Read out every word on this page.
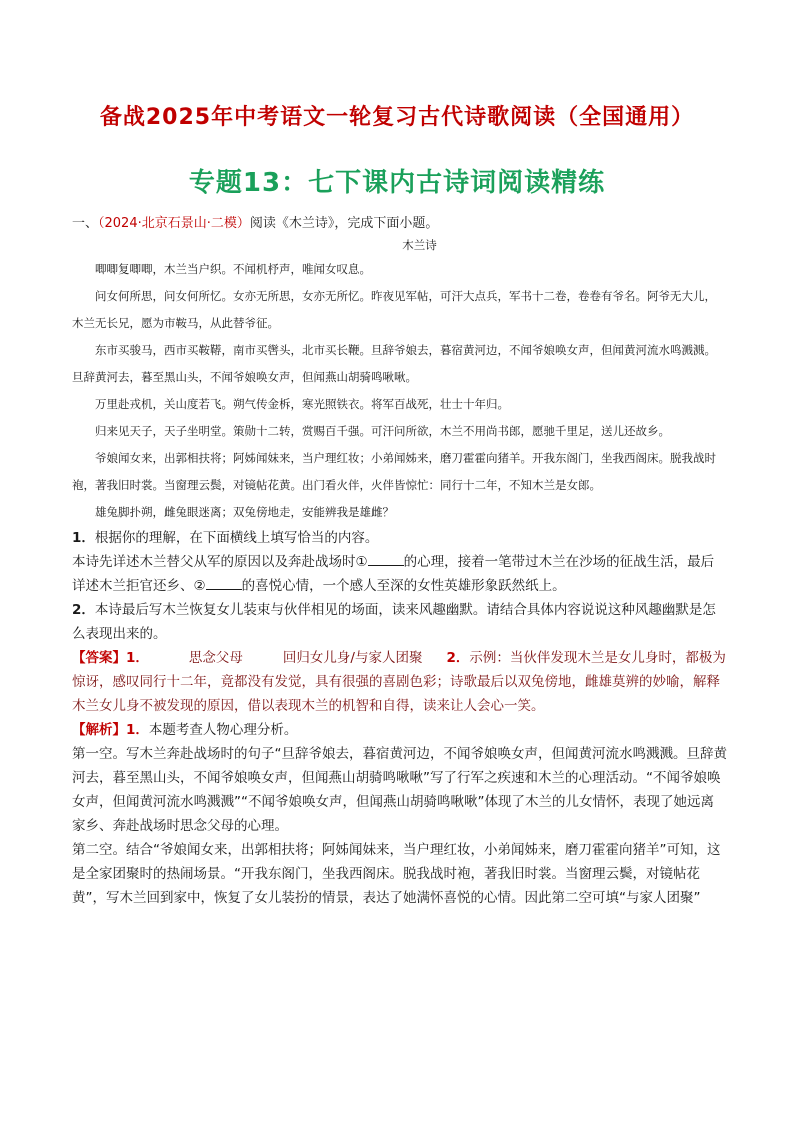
备战2025年中考语文一轮复习古代诗歌阅读（全国通用）
专题13：七下课内古诗词阅读精练
一、（2024·北京石景山·二模）阅读《木兰诗》，完成下面小题。
木兰诗

唧唧复唧唧，木兰当户织。不闻机杼声，唯闻女叹息。

问女何所思，问女何所忆。女亦无所思，女亦无所忆。昨夜见军帖，可汗大点兵，军书十二卷，卷卷有爷名。阿爷无大儿，木兰无长兄，愿为市鞍马，从此替爷征。

东市买骏马，西市买鞍鞯，南市买辔头，北市买长鞭。旦辞爷娘去，暮宿黄河边，不闻爷娘唤女声，但闻黄河流水鸣溅溅。旦辞黄河去，暮至黑山头，不闻爷娘唤女声，但闻燕山胡骑鸣啾啾。

万里赴戎机，关山度若飞。朔气传金柝，寒光照铁衣。将军百战死，壮士十年归。

归来见天子，天子坐明堂。策勋十二转，赏赐百千强。可汗问所欲，木兰不用尚书郎，愿驰千里足，送儿还故乡。

爷娘闻女来，出郭相扶将；阿姊闻妹来，当户理红妆；小弟闻姊来，磨刀霍霍向猪羊。开我东阁门，坐我西阁床。脱我战时袍，著我旧时裳。当窗理云鬓，对镜帖花黄。出门看火伴，火伴皆惊忙：同行十二年，不知木兰是女郎。

雄兔脚扑朔，雌兔眼迷离；双兔傍地走，安能辨我是雄雌？

1．根据你的理解，在下面横线上填写恰当的内容。

本诗先详述木兰替父从军的原因以及奔赴战场时①	的心理，接着一笔带过木兰在沙场的征战生活，最后详述木兰拒官还乡、②	的喜悦心情，一个感人至深的女性英雄形象跃然纸上。

2．本诗最后写木兰恢复女儿装束与伙伴相见的场面，读来风趣幽默。请结合具体内容说说这种风趣幽默是怎么表现出来的。

【答案】1．	思念父母	回归女儿身/与家人团聚 2．示例：当伙伴发现木兰是女儿身时，都极为惊讶，感叹同行十二年，竟都没有发觉，具有很强的喜剧色彩；诗歌最后以双兔傍地，雌雄莫辨的妙喻，解释木兰女儿身不被发现的原因，借以表现木兰的机智和自得，读来让人会心一笑。

【解析】1．本题考查人物心理分析。

第一空。写木兰奔赴战场时的句子“旦辞爷娘去，暮宿黄河边，不闻爷娘唤女声，但闻黄河流水鸣溅溅。旦辞黄河去，暮至黑山头，不闻爷娘唤女声，但闻燕山胡骑鸣啾啾”写了行军之疾速和木兰的心理活动。“不闻爷娘唤女声，但闻黄河流水鸣溅溅”“不闻爷娘唤女声，但闻燕山胡骑鸣啾啾”体现了木兰的儿女情怀，表现了她远离家乡、奔赴战场时思念父母的心理。

第二空。结合“爷娘闻女来，出郭相扶将；阿姊闻妹来，当户理红妆，小弟闻姊来，磨刀霍霍向猪羊”可知，这是全家团聚时的热闹场景。“开我东阁门，坐我西阁床。脱我战时袍，著我旧时裳。当窗理云鬓，对镜帖花黄”，写木兰回到家中，恢复了女儿装扮的情景，表达了她满怀喜悦的心情。因此第二空可填“与家人团聚”
